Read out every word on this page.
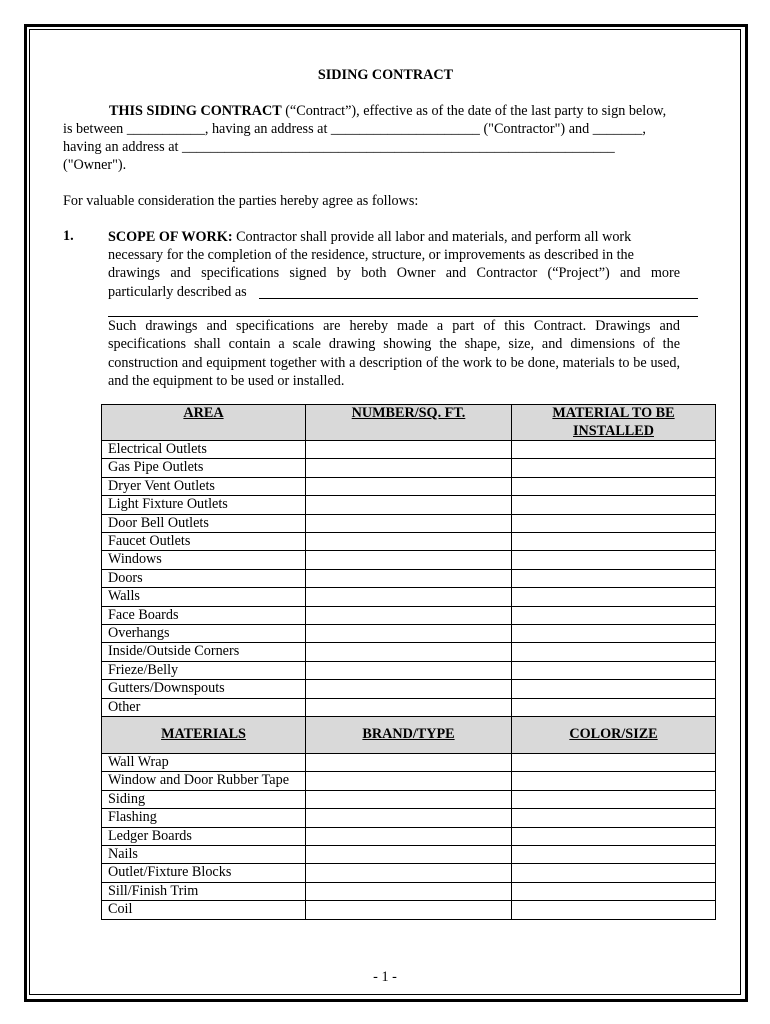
SIDING CONTRACT
THIS SIDING CONTRACT (“Contract”), effective as of the date of the last party to sign below,
is between ___________, having an address at _____________________ ("Contractor") and _______,
having an address at _____________________________________________________________
("Owner").
For valuable consideration the parties hereby agree as follows:
1. SCOPE OF WORK: Contractor shall provide all labor and materials, and perform all work
necessary for the completion of the residence, structure, or improvements as described in the
drawings and specifications signed by both Owner and Contractor (“Project”) and more
particularly described as
Such drawings and specifications are hereby made a part of this Contract. Drawings and specifications shall contain a scale drawing showing the shape, size, and dimensions of the construction and equipment together with a description of the work to be done, materials to be used, and the equipment to be used or installed.
AREA	NUMBER/SQ. FT.	MATERIAL TO BE INSTALLED
Electrical Outlets		
Gas Pipe Outlets		
Dryer Vent Outlets		
Light Fixture Outlets		
Door Bell Outlets		
Faucet Outlets		
Windows		
Doors		
Walls		
Face Boards		
Overhangs		
Inside/Outside Corners		
Frieze/Belly		
Gutters/Downspouts		
Other		
MATERIALS	BRAND/TYPE	COLOR/SIZE
Wall Wrap		
Window and Door Rubber Tape		
Siding		
Flashing		
Ledger Boards		
Nails		
Outlet/Fixture Blocks		
Sill/Finish Trim		
Coil		
- 1 -
